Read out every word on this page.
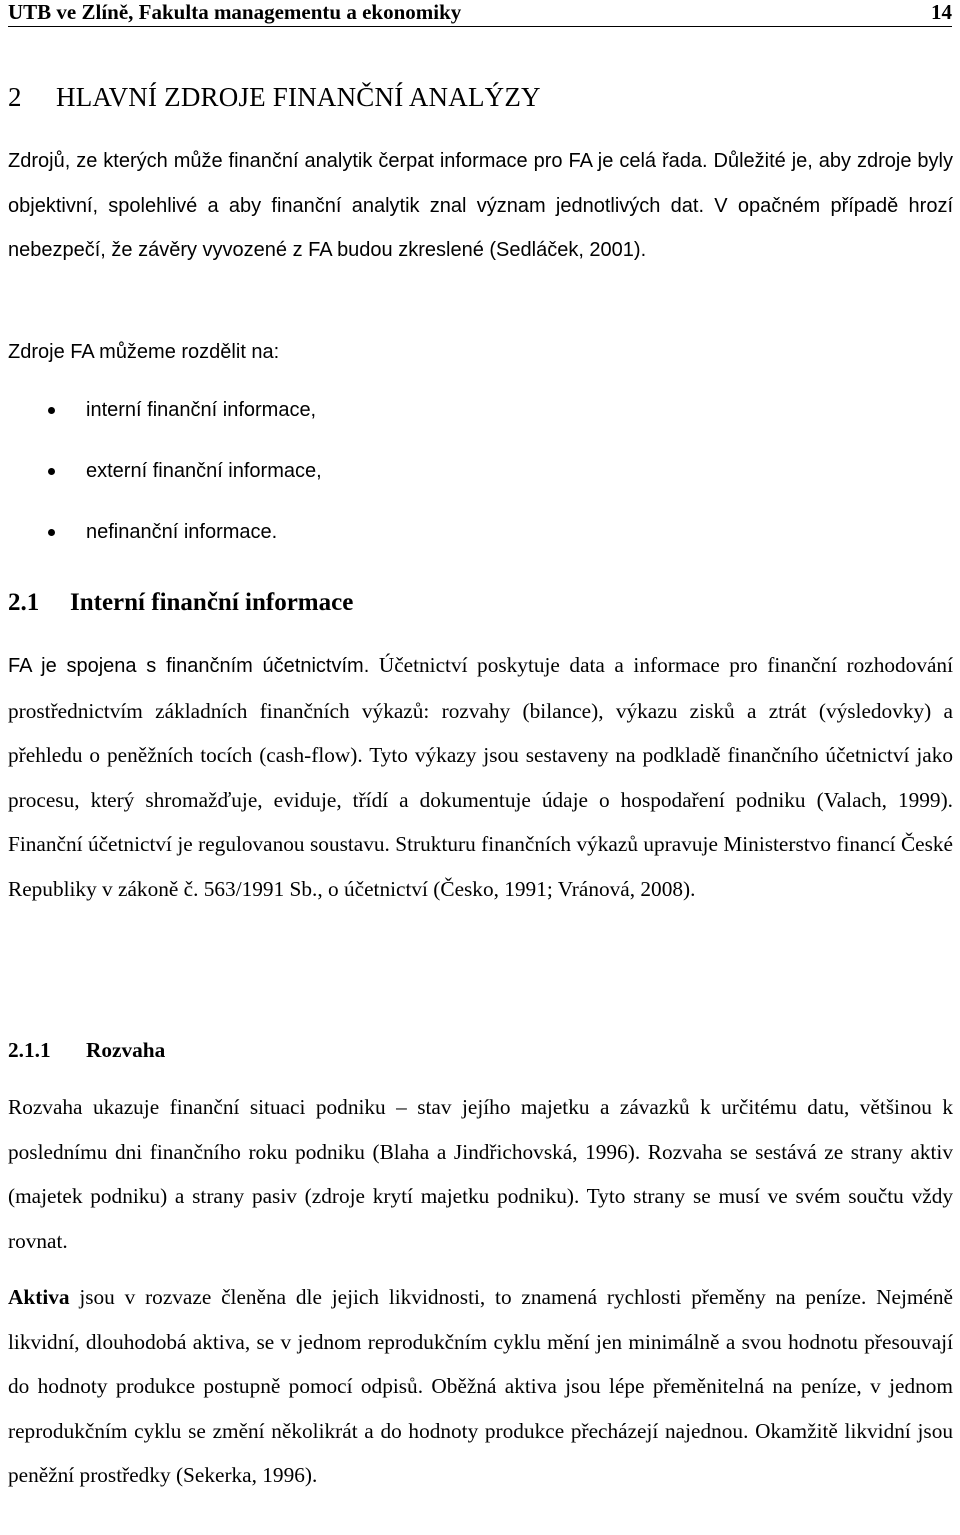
UTB ve Zlíně, Fakulta managementu a ekonomiky	14
2 HLAVNÍ ZDROJE FINANČNÍ ANALÝZY

Zdrojů, ze kterých může finanční analytik čerpat informace pro FA je celá řada. Důležité je, aby zdroje byly objektivní, spolehlivé a aby finanční analytik znal význam jednotlivých dat. V opačném případě hrozí nebezpečí, že závěry vyvozené z FA budou zkreslené (Sedláček, 2001).

Zdroje FA můžeme rozdělit na:

interní finanční informace,
externí finanční informace,
nefinanční informace.
2.1 Interní finanční informace

FA je spojena s finančním účetnictvím. Účetnictví poskytuje data a informace pro finanční rozhodování prostřednictvím základních finančních výkazů: rozvahy (bilance), výkazu zisků a ztrát (výsledovky) a přehledu o peněžních tocích (cash-flow). Tyto výkazy jsou sestaveny na podkladě finančního účetnictví jako procesu, který shromažďuje, eviduje, třídí a dokumentuje údaje o hospodaření podniku (Valach, 1999). Finanční účetnictví je regulovanou soustavu. Strukturu finančních výkazů upravuje Ministerstvo financí České Republiky v zákoně č. 563/1991 Sb., o účetnictví (Česko, 1991; Vránová, 2008).

2.1.1 Rozvaha

Rozvaha ukazuje finanční situaci podniku – stav jejího majetku a závazků k určitému datu, většinou k poslednímu dni finančního roku podniku (Blaha a Jindřichovská, 1996). Rozvaha se sestává ze strany aktiv (majetek podniku) a strany pasiv (zdroje krytí majetku podniku). Tyto strany se musí ve svém součtu vždy rovnat.

Aktiva jsou v rozvaze členěna dle jejich likvidnosti, to znamená rychlosti přeměny na peníze. Nejméně likvidní, dlouhodobá aktiva, se v jednom reprodukčním cyklu mění jen minimálně a svou hodnotu přesouvají do hodnoty produkce postupně pomocí odpisů. Oběžná aktiva jsou lépe přeměnitelná na peníze, v jednom reprodukčním cyklu se změní několikrát a do hodnoty produkce přecházejí najednou. Okamžitě likvidní jsou peněžní prostředky (Sekerka, 1996).
